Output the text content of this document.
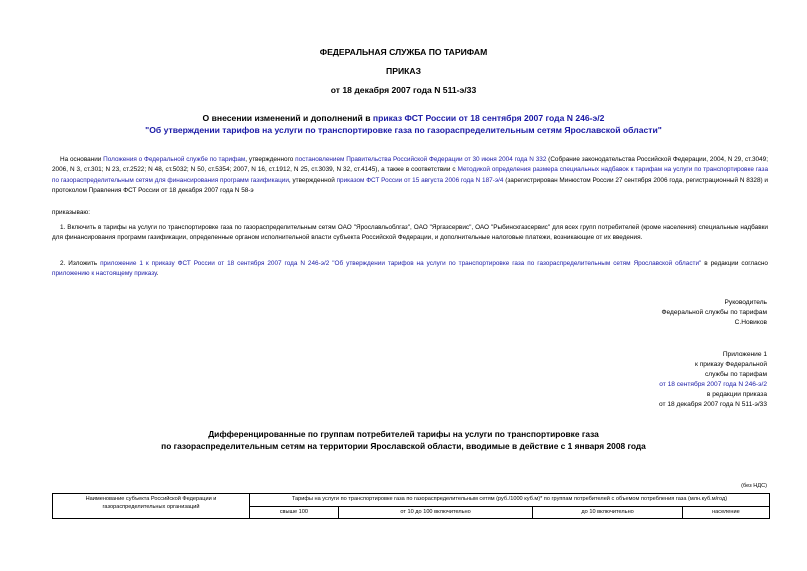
ФЕДЕРАЛЬНАЯ СЛУЖБА ПО ТАРИФАМ
ПРИКАЗ
от 18 декабря 2007 года N 511-э/33
О внесении изменений и дополнений в приказ ФСТ России от 18 сентября 2007 года N 246-э/2
"Об утверждении тарифов на услуги по транспортировке газа по газораспределительным сетям Ярославской области"

На основании Положения о Федеральной службе по тарифам, утвержденного постановлением Правительства Российской Федерации от 30 июня 2004 года N 332 (Собрание законодательства Российской Федерации, 2004, N 29, ст.3049; 2006, N 3, ст.301; N 23, ст.2522; N 48, ст.5032; N 50, ст.5354; 2007, N 16, ст.1912, N 25, ст.3039, N 32, ст.4145), а также в соответствии с Методикой определения размера специальных надбавок к тарифам на услуги по транспортировке газа по газораспределительным сетям для финансирования программ газификации, утвержденной приказом ФСТ России от 15 августа 2006 года N 187-э/4 (зарегистрирован Минюстом России 27 сентября 2006 года, регистрационный N 8328) и протоколом Правления ФСТ России от 18 декабря 2007 года N 58-э

приказываю:

1. Включить в тарифы на услуги по транспортировке газа по газораспределительным сетям ОАО "Ярославльоблгаз", ОАО "Яргазсервис", ОАО "Рыбинскгазсервис" для всех групп потребителей (кроме населения) специальные надбавки для финансирования программ газификации, определенные органом исполнительной власти субъекта Российской Федерации, и дополнительные налоговые платежи, возникающие от их введения.

2. Изложить приложение 1 к приказу ФСТ России от 18 сентября 2007 года N 246-э/2 "Об утверждении тарифов на услуги по транспортировке газа по газораспределительным сетям Ярославской области" в редакции согласно приложению к настоящему приказу.

Руководитель
Федеральной службы по тарифам
С.Новиков
Приложение 1
к приказу Федеральной
службы по тарифам
от 18 сентября 2007 года N 246-э/2
в редакции приказа
от 18 декабря 2007 года N 511-э/33
Дифференцированные по группам потребителей тарифы на услуги по транспортировке газа
по газораспределительным сетям на территории Ярославской области, вводимые в действие с 1 января 2008 года
(без НДС)
Наименование субъекта Российской Федерации и газораспределительных организаций	Тарифы на услуги по транспортировке газа по газораспределительным сетям (руб./1000 куб.м)* по группам потребителей с объемом потребления газа (млн.куб.м/год)			
	свыше 100	от 10 до 100 включительно	до 10 включительно	население
